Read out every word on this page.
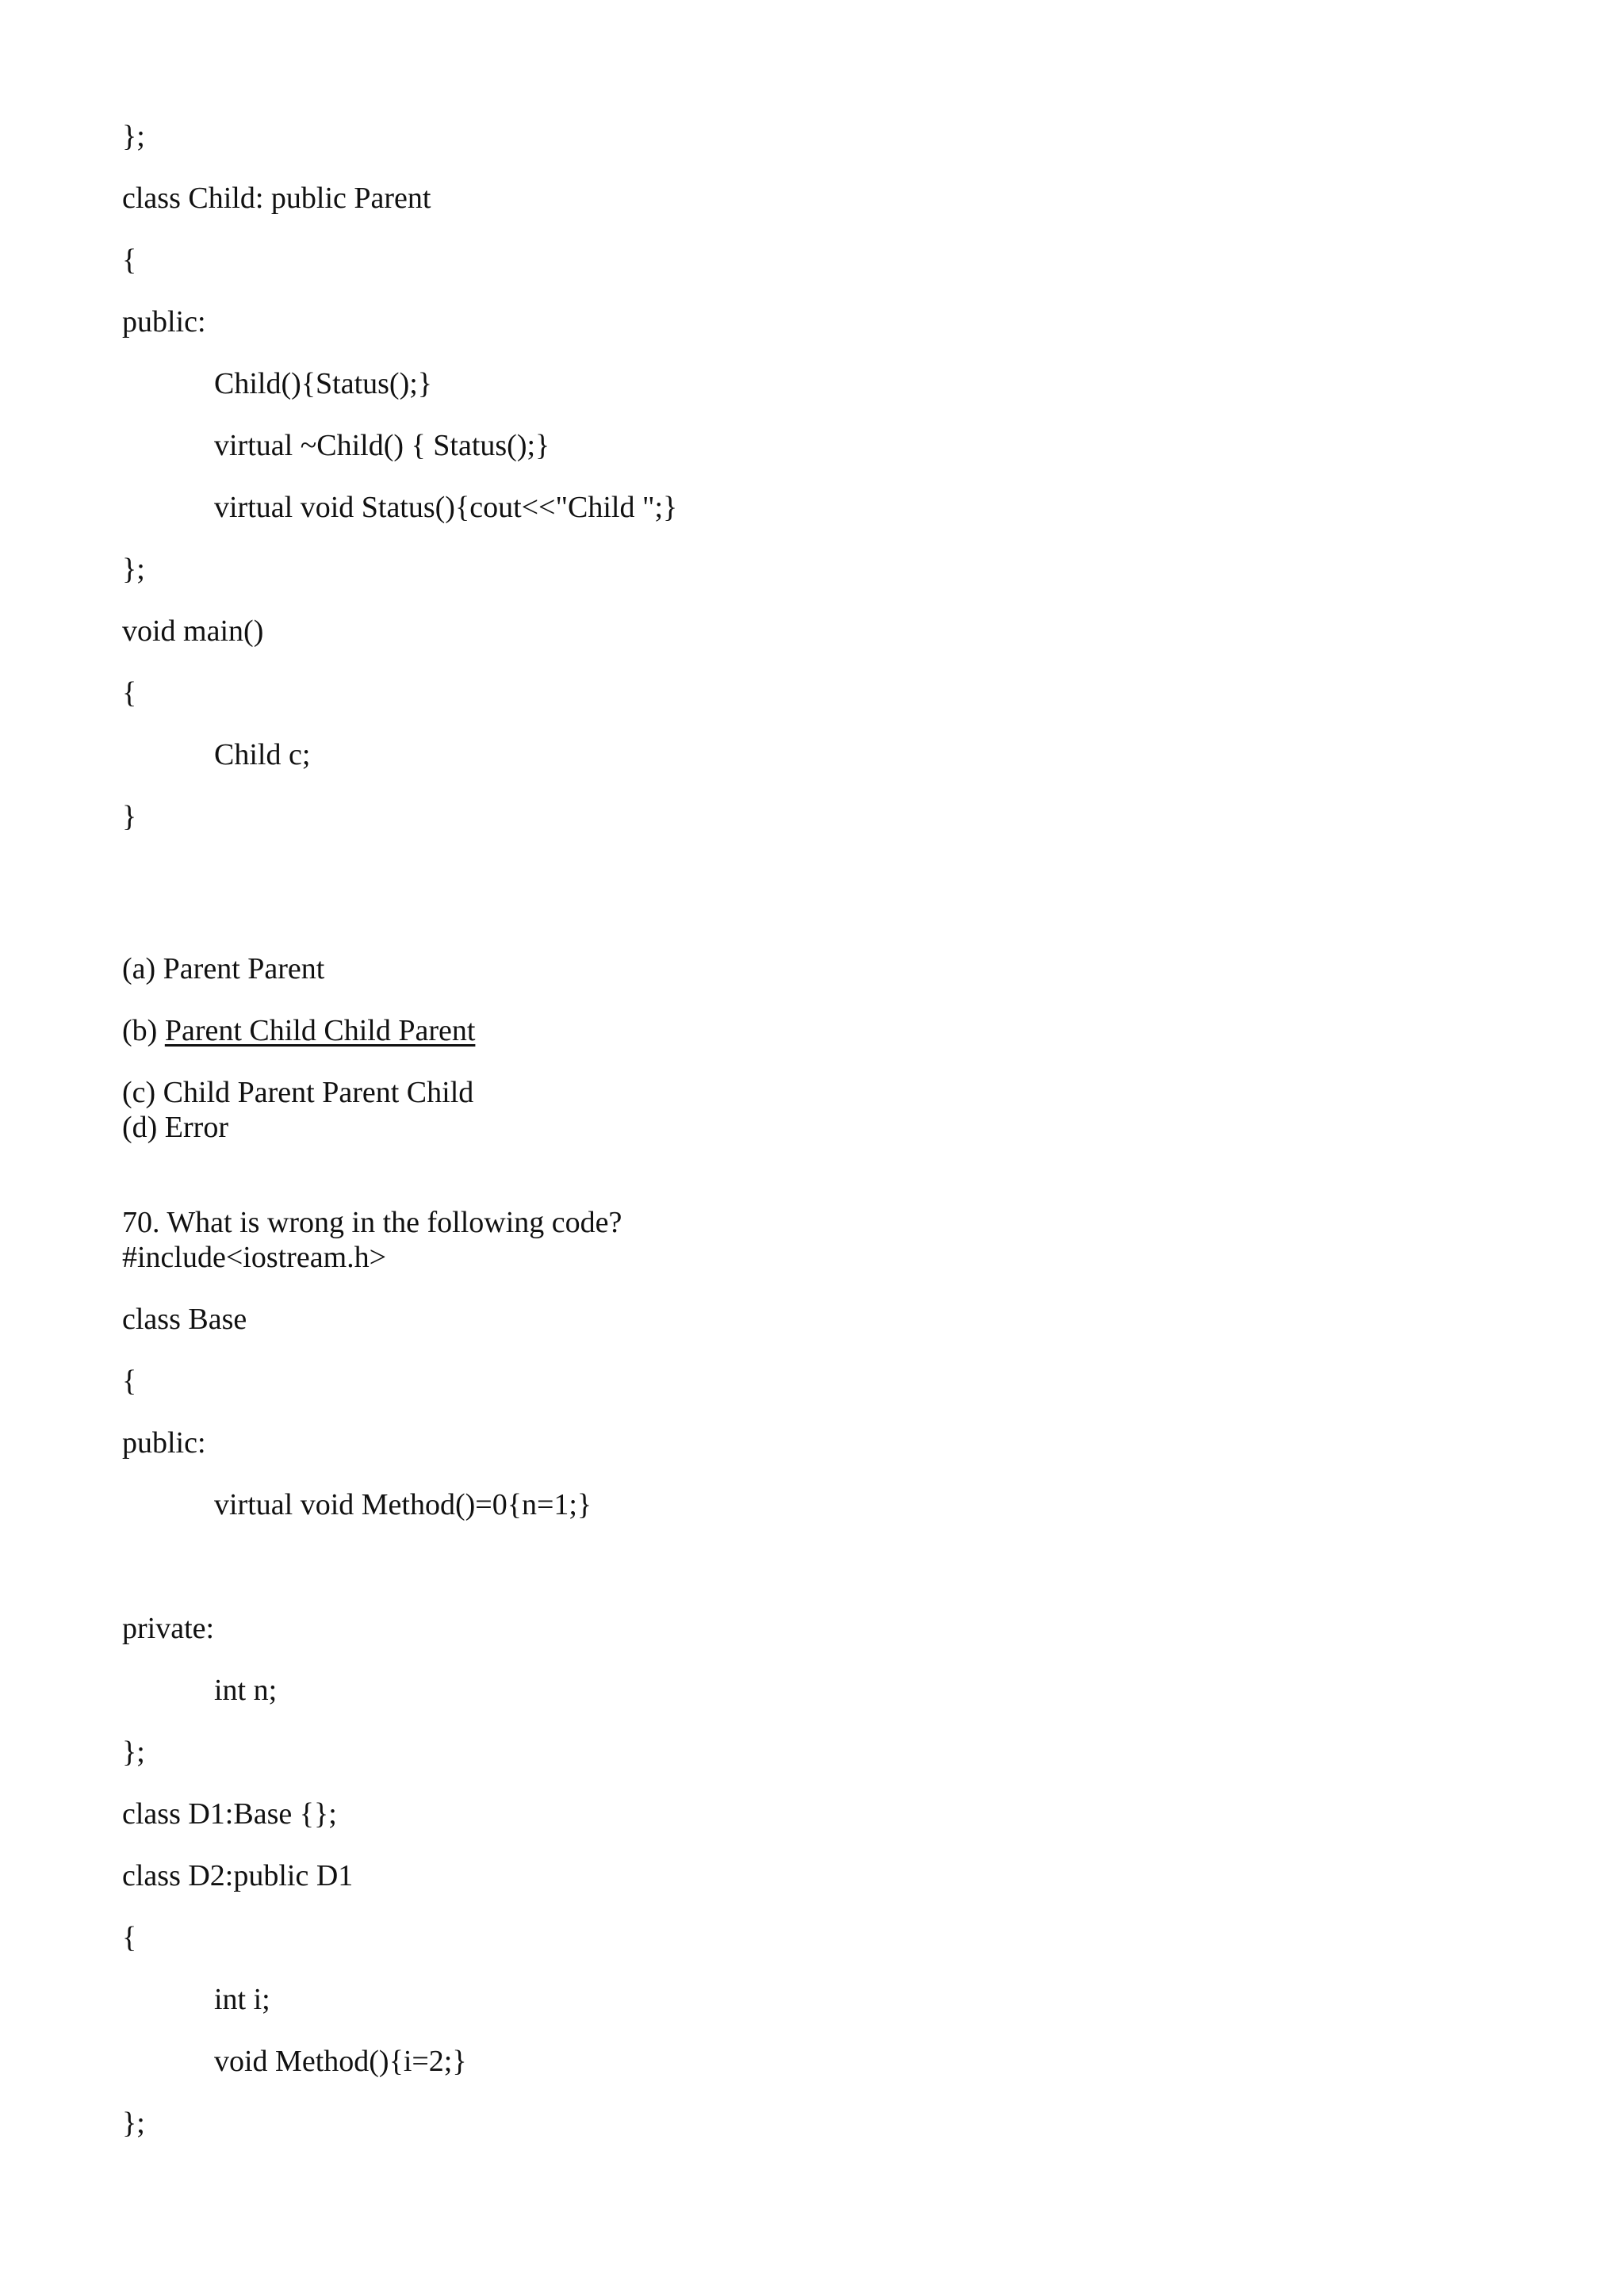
};
class Child: public Parent
{
public:
Child(){Status();}
virtual ~Child() { Status();}
virtual void Status(){cout<<"Child ";}
};
void main()
{
Child c;
}
(a) Parent Parent
(b) Parent Child Child Parent
(c) Child Parent Parent Child
(d) Error
70. What is wrong in the following code?
#include<iostream.h>
class Base
{
public:
virtual void Method()=0{n=1;}
private:
int n;
};
class D1:Base {};
class D2:public D1
{
int i;
void Method(){i=2;}
};
